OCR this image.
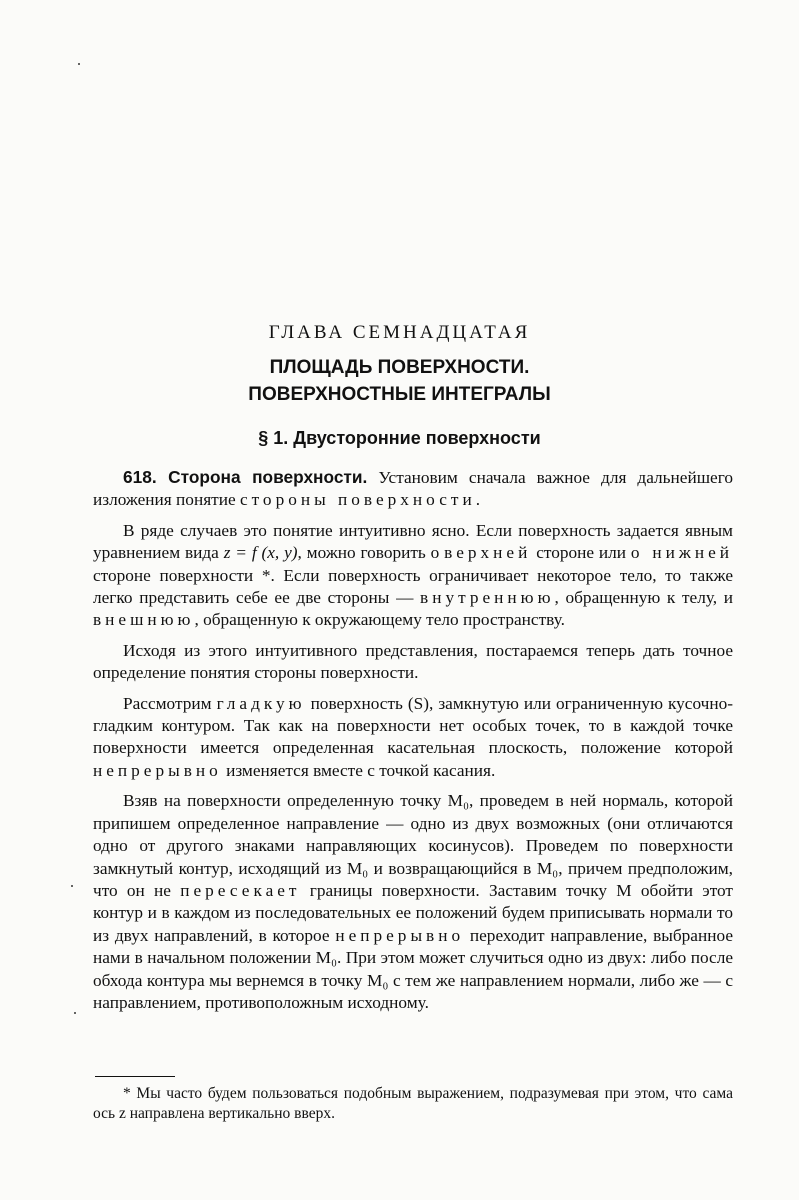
ГЛАВА СЕМНАДЦАТАЯ
ПЛОЩАДЬ ПОВЕРХНОСТИ.
ПОВЕРХНОСТНЫЕ ИНТЕГРАЛЫ
§ 1. Двусторонние поверхности

618. Сторона поверхности. Установим сначала важное для дальнейшего изложения понятие стороны поверхности.

В ряде случаев это понятие интуитивно ясно. Если поверхность задается явным уравнением вида z = f (x, y), можно говорить о верхней стороне или о нижней стороне поверхности *. Если поверхность ограничивает некоторое тело, то также легко представить себе ее две стороны — внутреннюю, обращенную к телу, и внешнюю, обращенную к окружающему тело пространству.

Исходя из этого интуитивного представления, постараемся теперь дать точное определение понятия стороны поверхности.

Рассмотрим гладкую поверхность (S), замкнутую или ограниченную кусочно-гладким контуром. Так как на поверхности нет особых точек, то в каждой точке поверхности имеется определенная касательная плоскость, положение которой непрерывно изменяется вместе с точкой касания.

Взяв на поверхности определенную точку M₀, проведем в ней нормаль, которой припишем определенное направление — одно из двух возможных (они отличаются одно от другого знаками направляющих косинусов). Проведем по поверхности замкнутый контур, исходящий из M₀ и возвращающийся в M₀, причем предположим, что он не пересекает границы поверхности. Заставим точку M обойти этот контур и в каждом из последовательных ее положений будем приписывать нормали то из двух направлений, в которое непрерывно переходит направление, выбранное нами в начальном положении M₀. При этом может случиться одно из двух: либо после обхода контура мы вернемся в точку M₀ с тем же направлением нормали, либо же — с направлением, противоположным исходному.

* Мы часто будем пользоваться подобным выражением, подразумевая при этом, что сама ось z направлена вертикально вверх.
